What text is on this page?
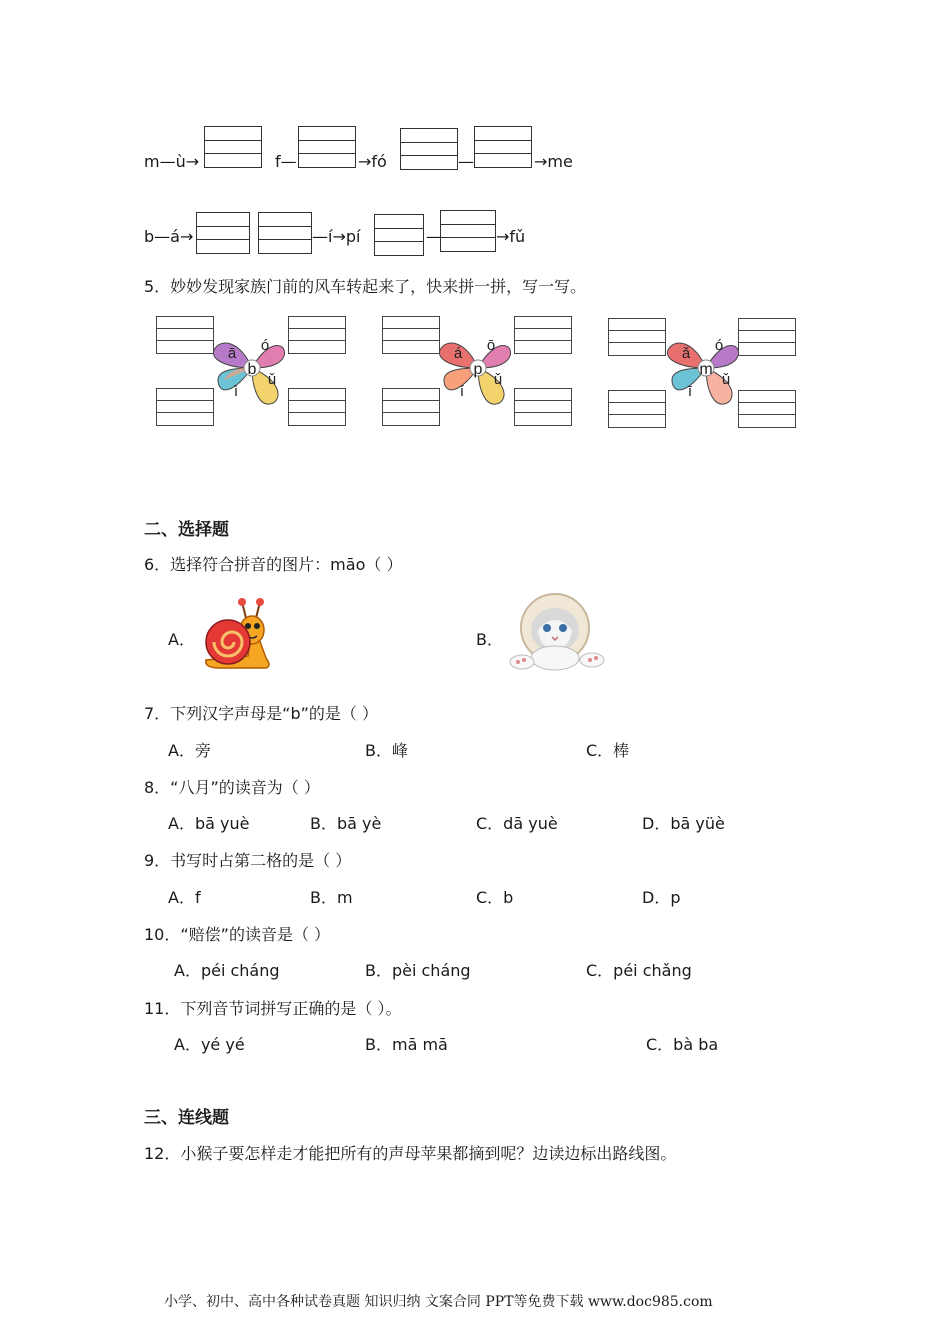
m—ù→	f—	→fó	—	→me
b—á→	—í→pí	—	→fǔ
5．妙妙发现家族门前的风车转起来了，快来拼一拼，写一写。
b
ā ó
ì
ǔ
p
á ō
í
ǔ
m
ǎ ó
ī
ǔ
二、选择题
6．选择符合拼音的图片：māo（ ）
A．	B．
7．下列汉字声母是“b”的是（ ）
A．旁	B．峰	C．棒
8．“八月”的读音为（ ）
A．bā yuè	B．bā yè	C．dā yuè	D．bā yüè
9．书写时占第二格的是（ ）
A．f	B．m	C．b	D．p
10．“赔偿”的读音是（ ）
A．péi cháng	B．pèi cháng	C．péi chǎng
11．下列音节词拼写正确的是（ ）。
A．yé yé	B．mā mā	C．bà ba
三、连线题
12．小猴子要怎样走才能把所有的声母苹果都摘到呢？边读边标出路线图。
小学、初中、高中各种试卷真题 知识归纳 文案合同 PPT等免费下载 www.doc985.com
